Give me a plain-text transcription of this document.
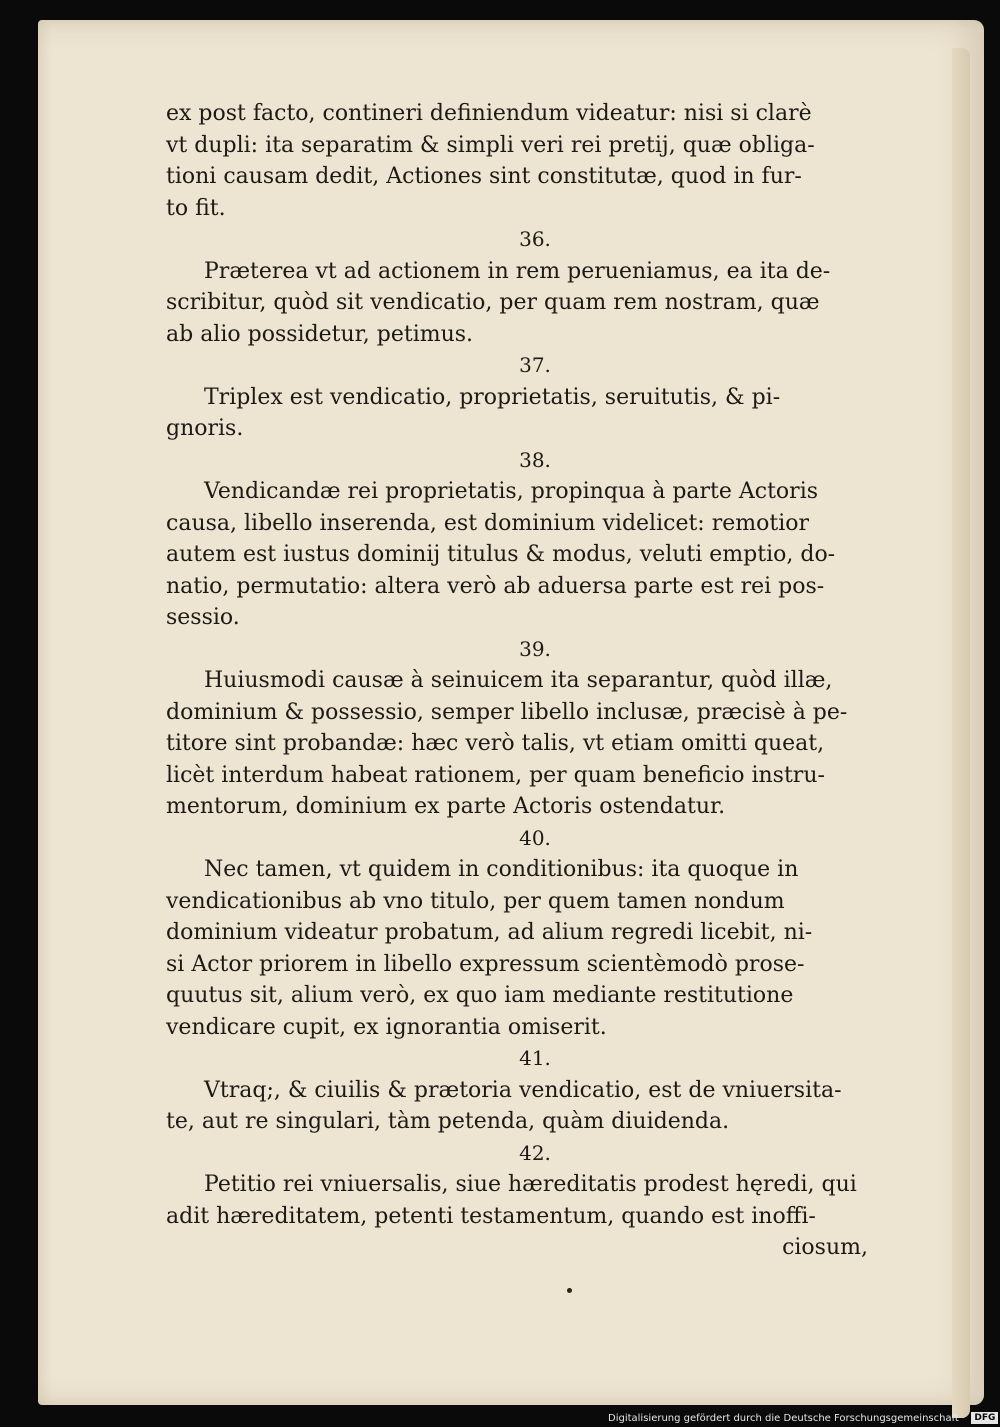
ex post facto, contineri definiendum videatur: nisi si clarè
vt dupli: ita separatim & simpli veri rei pretij, quæ obliga-
tioni causam dedit, Actiones sint constitutæ, quod in fur-
to fit.
36.
Præterea vt ad actionem in rem perueniamus, ea ita de-
scribitur, quòd sit vendicatio, per quam rem nostram, quæ
ab alio possidetur, petimus.
37.
Triplex est vendicatio, proprietatis, seruitutis, & pi-
gnoris.
38.
Vendicandæ rei proprietatis, propinqua à parte Actoris
causa, libello inserenda, est dominium videlicet: remotior
autem est iustus dominij titulus & modus, veluti emptio, do-
natio, permutatio: altera verò ab aduersa parte est rei pos-
sessio.
39.
Huiusmodi causæ à seinuicem ita separantur, quòd illæ,
dominium & possessio, semper libello inclusæ, præcisè à pe-
titore sint probandæ: hæc verò talis, vt etiam omitti queat,
licèt interdum habeat rationem, per quam beneficio instru-
mentorum, dominium ex parte Actoris ostendatur.
40.
Nec tamen, vt quidem in conditionibus: ita quoque in
vendicationibus ab vno titulo, per quem tamen nondum
dominium videatur probatum, ad alium regredi licebit, ni-
si Actor priorem in libello expressum scientèmodò prose-
quutus sit, alium verò, ex quo iam mediante restitutione
vendicare cupit, ex ignorantia omiserit.
41.
Vtraq;, & ciuilis & prætoria vendicatio, est de vniuersita-
te, aut re singulari, tàm petenda, quàm diuidenda.
42.
Petitio rei vniuersalis, siue hæreditatis prodest hęredi, qui
adit hæreditatem, petenti testamentum, quando est inoffi-
ciosum,
Digitalisierung gefördert durch die Deutsche Forschungsgemeinschaft · DFG
